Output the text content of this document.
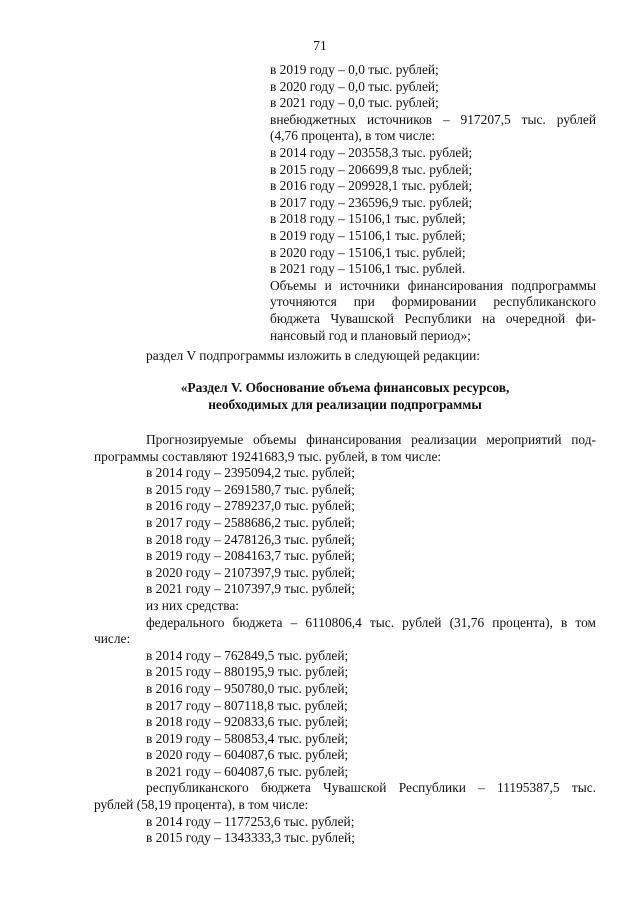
71
в 2019 году – 0,0 тыс. рублей;
в 2020 году – 0,0 тыс. рублей;
в 2021 году – 0,0 тыс. рублей;
внебюджетных источников – 917207,5 тыс. рублей
(4,76 процента), в том числе:
в 2014 году – 203558,3 тыс. рублей;
в 2015 году – 206699,8 тыс. рублей;
в 2016 году – 209928,1 тыс. рублей;
в 2017 году – 236596,9 тыс. рублей;
в 2018 году – 15106,1 тыс. рублей;
в 2019 году – 15106,1 тыс. рублей;
в 2020 году – 15106,1 тыс. рублей;
в 2021 году – 15106,1 тыс. рублей.
Объемы и источники финансирования подпрограммы
уточняются при формировании республиканского
бюджета Чувашской Республики на очередной фи-
нансовый год и плановый период»;
раздел V подпрограммы изложить в следующей редакции:
«Раздел V. Обоснование объема финансовых ресурсов,
необходимых для реализации подпрограммы
Прогнозируемые объемы финансирования реализации мероприятий под-
программы составляют 19241683,9 тыс. рублей, в том числе:
в 2014 году – 2395094,2 тыс. рублей;
в 2015 году – 2691580,7 тыс. рублей;
в 2016 году – 2789237,0 тыс. рублей;
в 2017 году – 2588686,2 тыс. рублей;
в 2018 году – 2478126,3 тыс. рублей;
в 2019 году – 2084163,7 тыс. рублей;
в 2020 году – 2107397,9 тыс. рублей;
в 2021 году – 2107397,9 тыс. рублей;
из них средства:
федерального бюджета – 6110806,4 тыс. рублей (31,76 процента), в том
числе:
в 2014 году – 762849,5 тыс. рублей;
в 2015 году – 880195,9 тыс. рублей;
в 2016 году – 950780,0 тыс. рублей;
в 2017 году – 807118,8 тыс. рублей;
в 2018 году – 920833,6 тыс. рублей;
в 2019 году – 580853,4 тыс. рублей;
в 2020 году – 604087,6 тыс. рублей;
в 2021 году – 604087,6 тыс. рублей;
республиканского бюджета Чувашской Республики – 11195387,5 тыс.
рублей (58,19 процента), в том числе:
в 2014 году – 1177253,6 тыс. рублей;
в 2015 году – 1343333,3 тыс. рублей;
